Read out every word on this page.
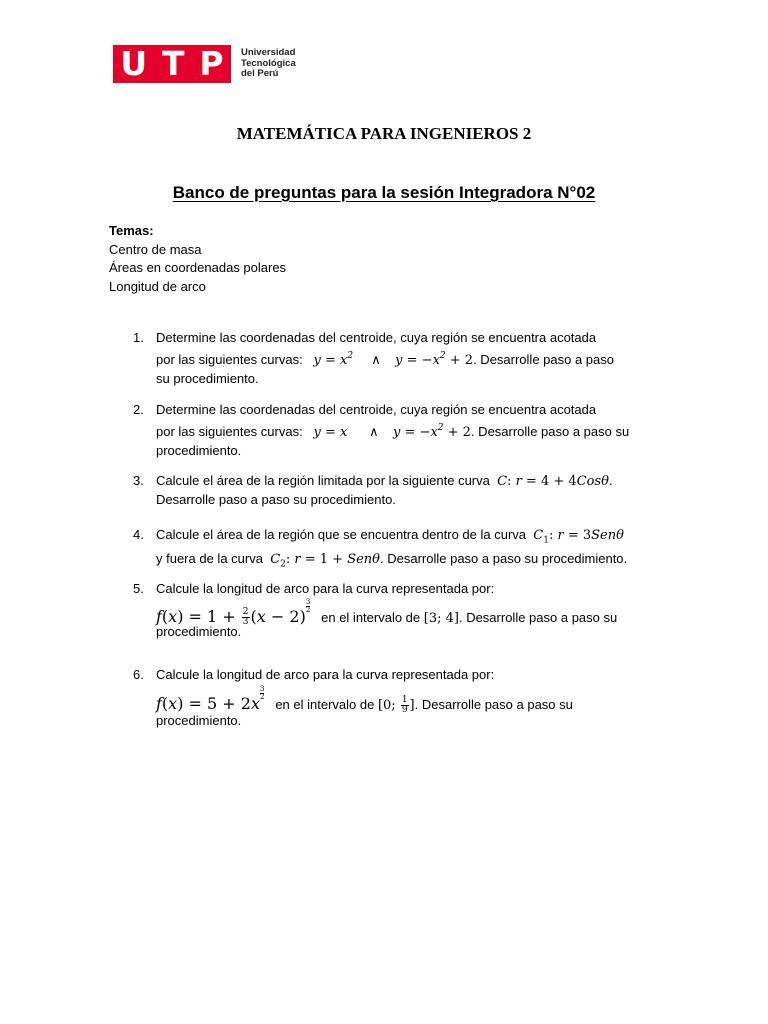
U T P Universidad
Tecnológica
del Perú
MATEMÁTICA PARA INGENIEROS 2
Banco de preguntas para la sesión Integradora N°02
Temas:
Centro de masa
Áreas en coordenadas polares
Longitud de arco
1. Determine las coordenadas del centroide, cuya región se encuentra acotada
por las siguientes curvas: $y = x^2$ ∧ $y = -x^2 + 2$. Desarrolle paso a paso
su procedimiento.
2. Determine las coordenadas del centroide, cuya región se encuentra acotada
por las siguientes curvas: y = x ∧ $y = -x^2 + 2$. Desarrolle paso a paso su
procedimiento.
3. Calcule el área de la región limitada por la siguiente curva C: r = 4 + 4Cosθ.
Desarrolle paso a paso su procedimiento.
4. Calcule el área de la región que se encuentra dentro de la curva $C_1$: r = 3Senθ
y fuera de la curva $C_2$: r = 1 + Senθ. Desarrolle paso a paso su procedimiento.
5. Calcule la longitud de arco para la curva representada por:
$f(x) = 1 + \frac{2}{3} (x - 2)$
$\frac{3}{2}$
en el intervalo de [3; 4]. Desarrolle paso a paso su
procedimiento.
6. Calcule la longitud de arco para la curva representada por:
f(x) = 5 + 2x
$\frac{3}{2}$
en el intervalo de [0; $\frac{1}{9}$ ]. Desarrolle paso a paso su
procedimiento.
